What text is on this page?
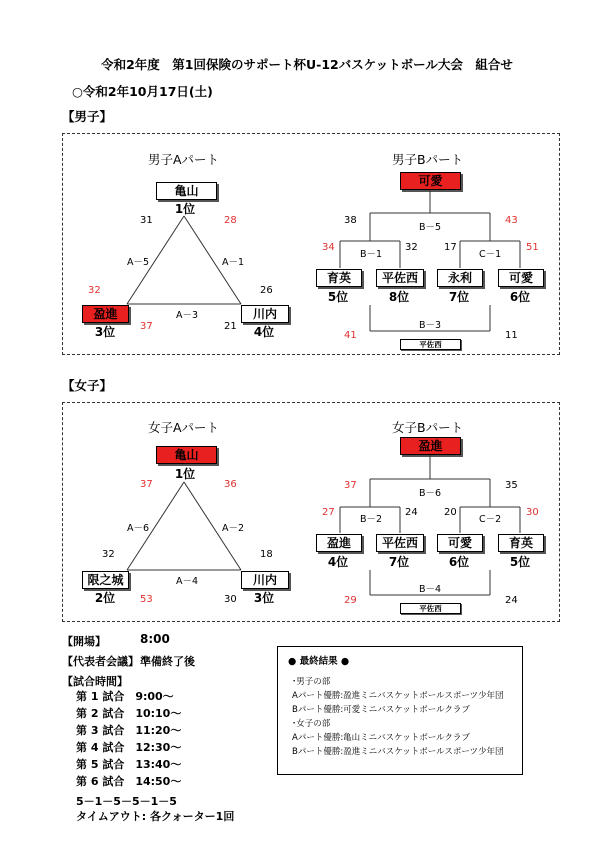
令和2年度　第1回保険のサポート杯U-12バスケットボール大会　組合せ
○令和2年10月17日(土)
【男子】
男子Aパート
亀山
1位
盈進
3位
川内
4位
A－5	A－1
A－3
31	28
32	26
37	21
男子Bパート
可愛
育英	平佐西	永利	可愛
5位	8位	7位	6位
B－5
B－1	C－1
B－3
平佐西
38	43
34	32	17	51
41	11
【女子】
女子Aパート
亀山
1位
限之城
2位
川内
3位
A－6	A－2
A－4
37	36
32	18
53	30
女子Bパート
盈進
盈進	平佐西	可愛	育英
4位	7位	6位	5位
B－6
B－2	C－2
B－4
平佐西
37	35
27	24	20	30
29	24
【開場】	8:00
【代表者会議】 準備終了後
【試合時間】
第 1 試合　9:00～
第 2 試合　10:10～
第 3 試合　11:20～
第 4 試合　12:30～
第 5 試合　13:40～
第 6 試合　14:50～
5－1－5－5－1－5
タイムアウト: 各クォーター1回
● 最終結果 ●
･男子の部
Aパート優勝:盈進ミニバスケットボールスポーツ少年団
Bパート優勝:可愛ミニバスケットボールクラブ
･女子の部
Aパート優勝:亀山ミニバスケットボールクラブ
Bパート優勝:盈進ミニバスケットボールスポーツ少年団
